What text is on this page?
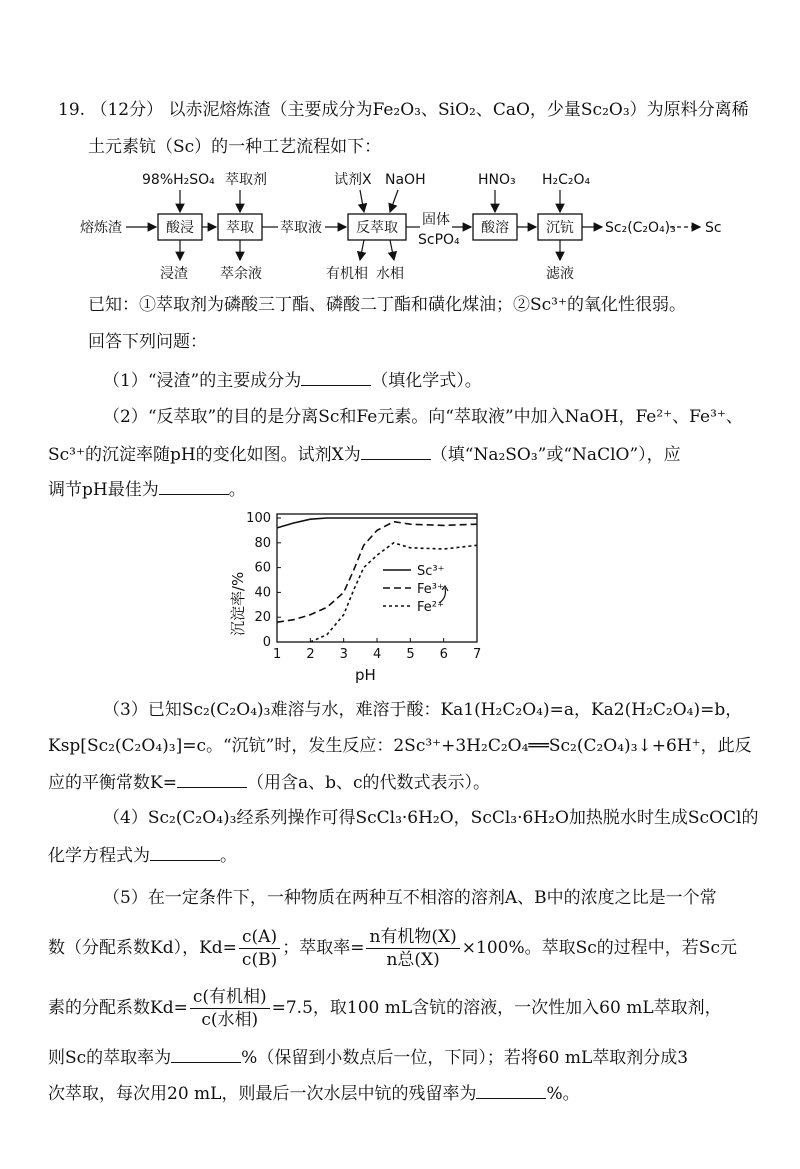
19. （12分） 以赤泥熔炼渣（主要成分为Fe₂O₃、SiO₂、CaO，少量Sc₂O₃）为原料分离稀
土元素钪（Sc）的一种工艺流程如下：
98%H₂SO₄ 萃取剂	试剂X NaOH	HNO₃ H₂C₂O₄
熔炼渣	萃取液	固体
ScPO₄
Sc₂(C₂O₄)₃ Sc
酸浸 萃取	反萃取	酸溶	沉钪
浸渣 萃余液	有机相 水相	滤液
已知：①萃取剂为磷酸三丁酯、磷酸二丁酯和磺化煤油；②Sc³⁺的氧化性很弱。
回答下列问题：
（1）“浸渣”的主要成分为	（填化学式）。
（2）“反萃取”的目的是分离Sc和Fe元素。向“萃取液”中加入NaOH，Fe²⁺、Fe³⁺、
Sc³⁺的沉淀率随pH的变化如图。试剂X为	（填“Na₂SO₃”或“NaClO”），应
调节pH最佳为	。
沉淀率/%
pH
1 2 3 4 5 6 7
0
20
40
60
80
100
Sc³⁺
Fe³⁺
Fe²⁺
（3）已知Sc₂(C₂O₄)₃难溶与水，难溶于酸：Ka1(H₂C₂O₄)=a，Ka2(H₂C₂O₄)=b，
Ksp[Sc₂(C₂O₄)₃]=c。“沉钪”时，发生反应：2Sc³⁺+3H₂C₂O₄══Sc₂(C₂O₄)₃↓+6H⁺，此反
应的平衡常数K=	（用含a、b、c的代数式表示）。
（4）Sc₂(C₂O₄)₃经系列操作可得ScCl₃·6H₂O，ScCl₃·6H₂O加热脱水时生成ScOCl的
化学方程式为	。
（5）在一定条件下，一种物质在两种互不相溶的溶剂A、B中的浓度之比是一个常
数（分配系数Kd），$Kd= \frac{c(A)}{c(B)}$ ；萃取率= $\frac{\text{n有机物(X)}}{\text{n总(X)}} \times 100\%$。萃取Sc的过程中，若Sc元
素的分配系数$Kd= \frac{\text{c(有机相)}}{\text{c(水相)}} =7.5$，取100 mL含钪的溶液，一次性加入60 mL萃取剂，
则Sc的萃取率为	%（保留到小数点后一位，下同）；若将60 mL萃取剂分成3
次萃取，每次用20 mL，则最后一次水层中钪的残留率为	%。
